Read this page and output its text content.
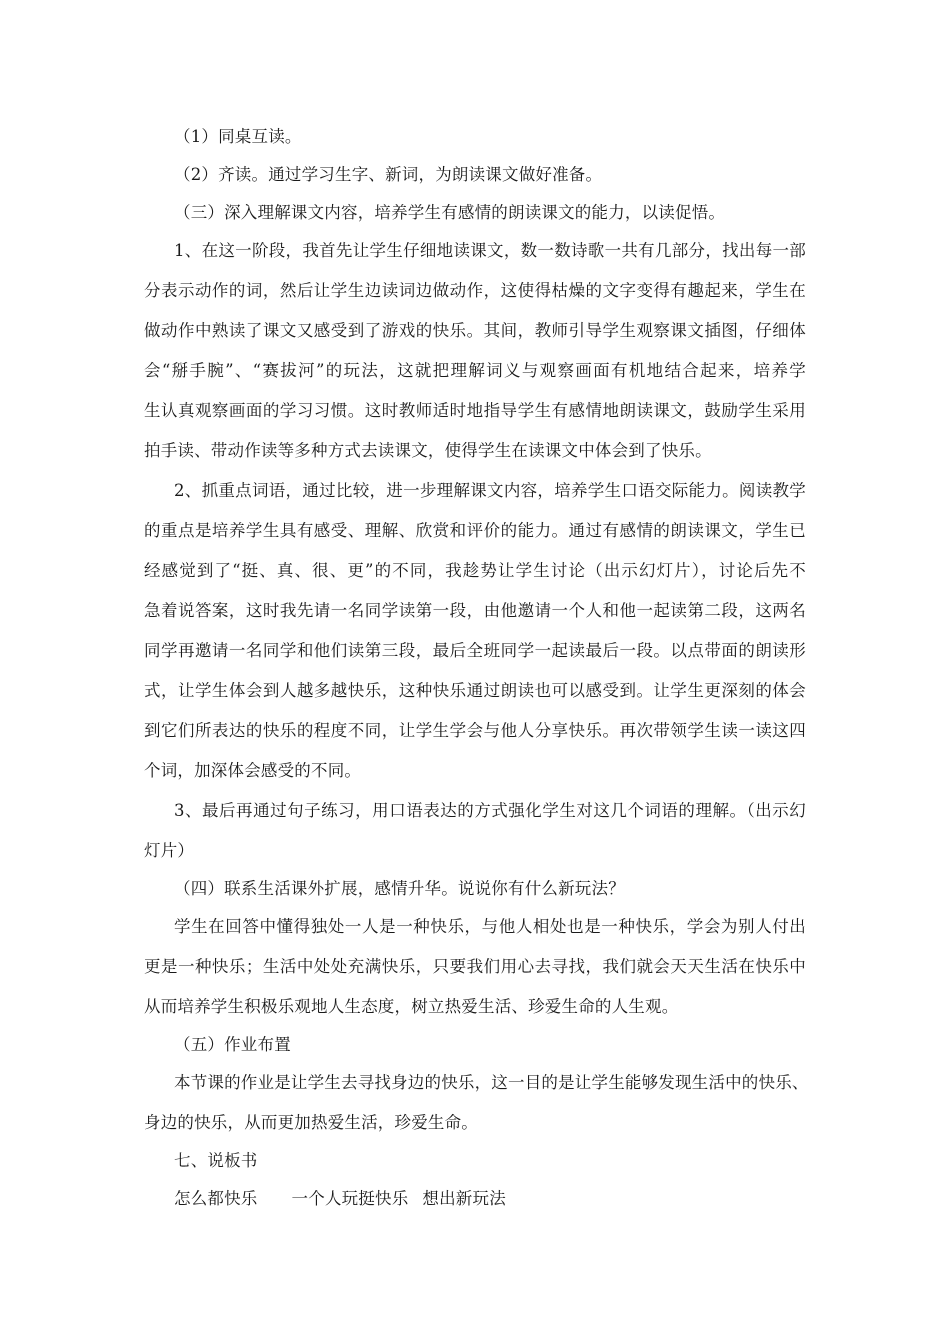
（1）同桌互读。
（2）齐读。通过学习生字、新词，为朗读课文做好准备。
（三）深入理解课文内容，培养学生有感情的朗读课文的能力，以读促悟。
1、在这一阶段，我首先让学生仔细地读课文，数一数诗歌一共有几部分，找出每一部
分表示动作的词，然后让学生边读词边做动作，这使得枯燥的文字变得有趣起来，学生在
做动作中熟读了课文又感受到了游戏的快乐。其间，教师引导学生观察课文插图，仔细体
会“掰手腕”、“赛拔河”的玩法，这就把理解词义与观察画面有机地结合起来，培养学
生认真观察画面的学习习惯。这时教师适时地指导学生有感情地朗读课文，鼓励学生采用
拍手读、带动作读等多种方式去读课文，使得学生在读课文中体会到了快乐。
2、抓重点词语，通过比较，进一步理解课文内容，培养学生口语交际能力。阅读教学
的重点是培养学生具有感受、理解、欣赏和评价的能力。通过有感情的朗读课文，学生已
经感觉到了“挺、真、很、更”的不同，我趁势让学生讨论（出示幻灯片），讨论后先不
急着说答案，这时我先请一名同学读第一段，由他邀请一个人和他一起读第二段，这两名
同学再邀请一名同学和他们读第三段，最后全班同学一起读最后一段。以点带面的朗读形
式，让学生体会到人越多越快乐，这种快乐通过朗读也可以感受到。让学生更深刻的体会
到它们所表达的快乐的程度不同，让学生学会与他人分享快乐。再次带领学生读一读这四
个词，加深体会感受的不同。
3、最后再通过句子练习，用口语表达的方式强化学生对这几个词语的理解。（出示幻
灯片）
（四）联系生活课外扩展，感情升华。说说你有什么新玩法？
学生在回答中懂得独处一人是一种快乐，与他人相处也是一种快乐，学会为别人付出
更是一种快乐；生活中处处充满快乐，只要我们用心去寻找，我们就会天天生活在快乐中
从而培养学生积极乐观地人生态度，树立热爱生活、珍爱生命的人生观。
（五）作业布置
本节课的作业是让学生去寻找身边的快乐，这一目的是让学生能够发现生活中的快乐、
身边的快乐，从而更加热爱生活，珍爱生命。
七、说板书
怎么都快乐 一个人玩挺快乐 想出新玩法
